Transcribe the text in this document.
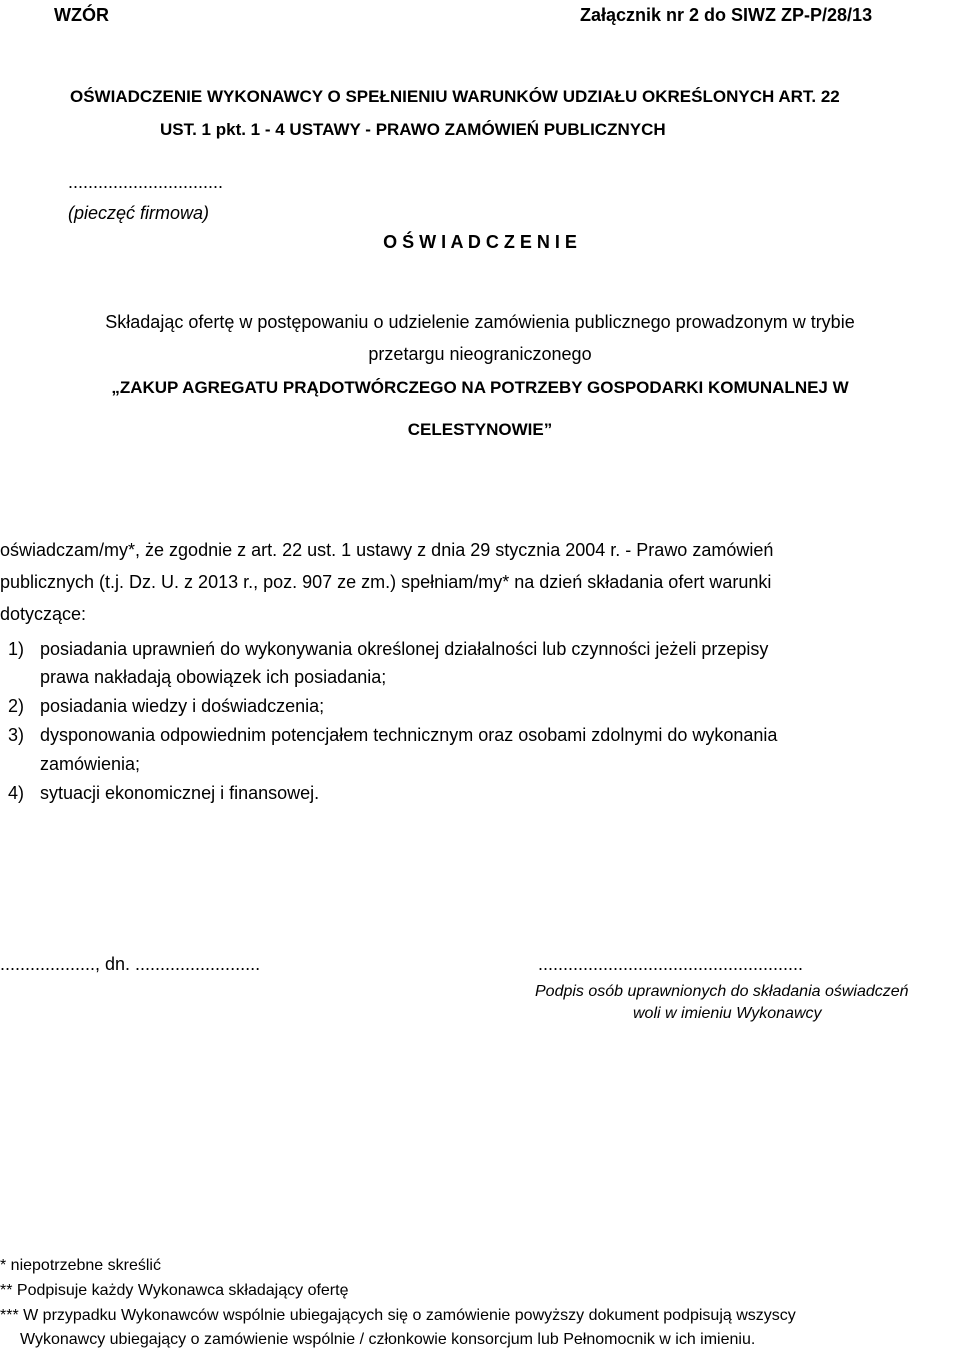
WZÓR	Załącznik nr 2 do SIWZ ZP-P/28/13
OŚWIADCZENIE WYKONAWCY O SPEŁNIENIU WARUNKÓW UDZIAŁU OKREŚLONYCH ART. 22
UST. 1 pkt. 1 - 4 USTAWY - PRAWO ZAMÓWIEŃ PUBLICZNYCH
...............................
(pieczęć firmowa)
O Ś W I A D C Z E N I E
Składając ofertę w postępowaniu o udzielenie zamówienia publicznego prowadzonym w trybie
przetargu nieograniczonego
„ZAKUP AGREGATU PRĄDOTWÓRCZEGO NA POTRZEBY GOSPODARKI KOMUNALNEJ W
CELESTYNOWIE”
oświadczam/my*, że zgodnie z art. 22 ust. 1 ustawy z dnia 29 stycznia 2004 r. - Prawo zamówień
publicznych (t.j. Dz. U. z 2013 r., poz. 907 ze zm.) spełniam/my* na dzień składania ofert warunki
dotyczące:
1) posiadania uprawnień do wykonywania określonej działalności lub czynności jeżeli przepisy
prawa nakładają obowiązek ich posiadania;
2) posiadania wiedzy i doświadczenia;
3) dysponowania odpowiednim potencjałem technicznym oraz osobami zdolnymi do wykonania
zamówienia;
4) sytuacji ekonomicznej i finansowej.
..................., dn. .........................	.....................................................
Podpis osób uprawnionych do składania oświadczeń
woli w imieniu Wykonawcy
* niepotrzebne skreślić
** Podpisuje każdy Wykonawca składający ofertę
*** W przypadku Wykonawców wspólnie ubiegających się o zamówienie powyższy dokument podpisują wszyscy
Wykonawcy ubiegający o zamówienie wspólnie / członkowie konsorcjum lub Pełnomocnik w ich imieniu.
